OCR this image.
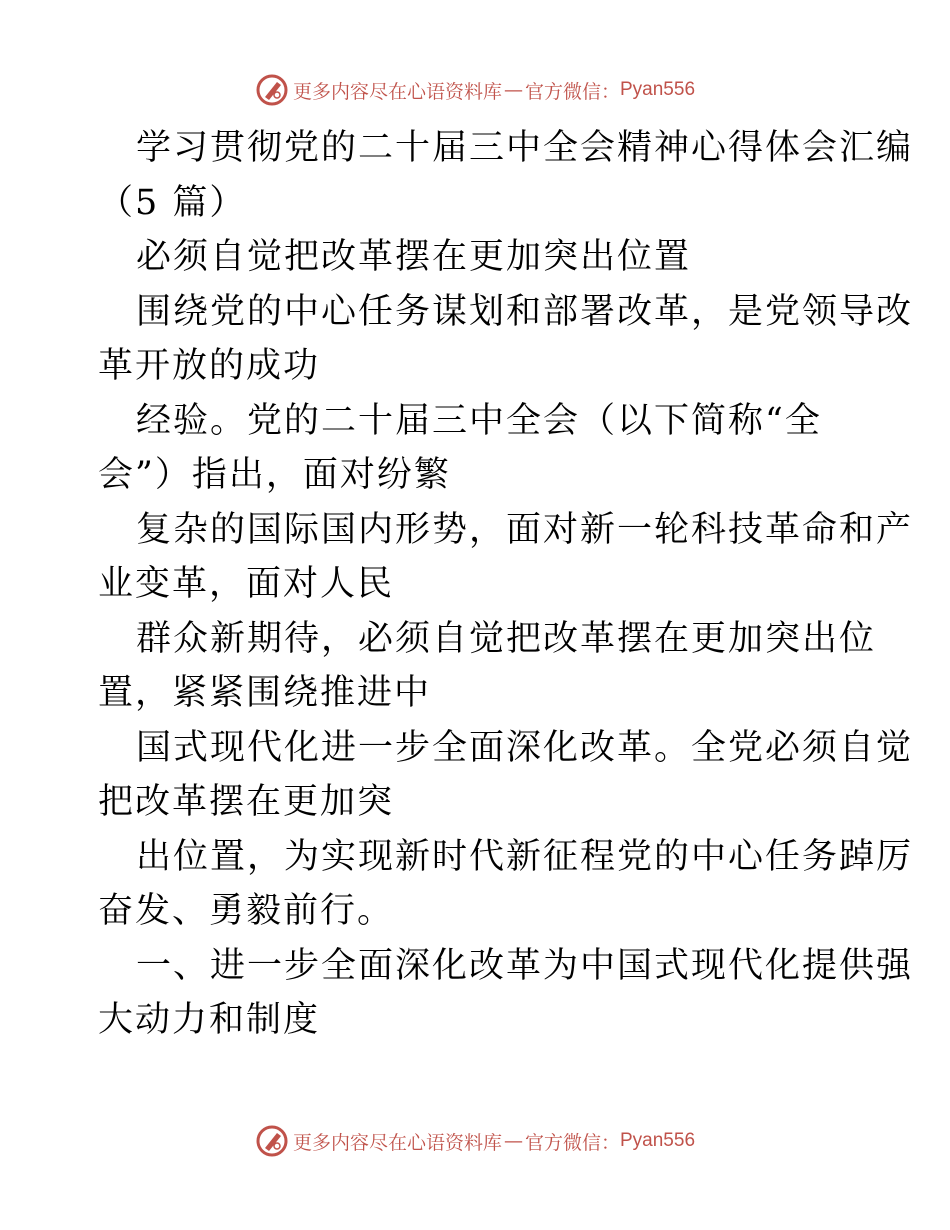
更多内容尽在心语资料库 — 官方微信： Pyan556
学习贯彻党的二十届三中全会精神心得体会汇编
（5 篇）
必须自觉把改革摆在更加突出位置
围绕党的中心任务谋划和部署改革，是党领导改
革开放的成功
经验。党的二十届三中全会（以下简称“全
会”）指出，面对纷繁
复杂的国际国内形势，面对新一轮科技革命和产
业变革，面对人民
群众新期待，必须自觉把改革摆在更加突出位
置，紧紧围绕推进中
国式现代化进一步全面深化改革。全党必须自觉
把改革摆在更加突
出位置，为实现新时代新征程党的中心任务踔厉
奋发、勇毅前行。
一、进一步全面深化改革为中国式现代化提供强
大动力和制度
更多内容尽在心语资料库 — 官方微信： Pyan556
